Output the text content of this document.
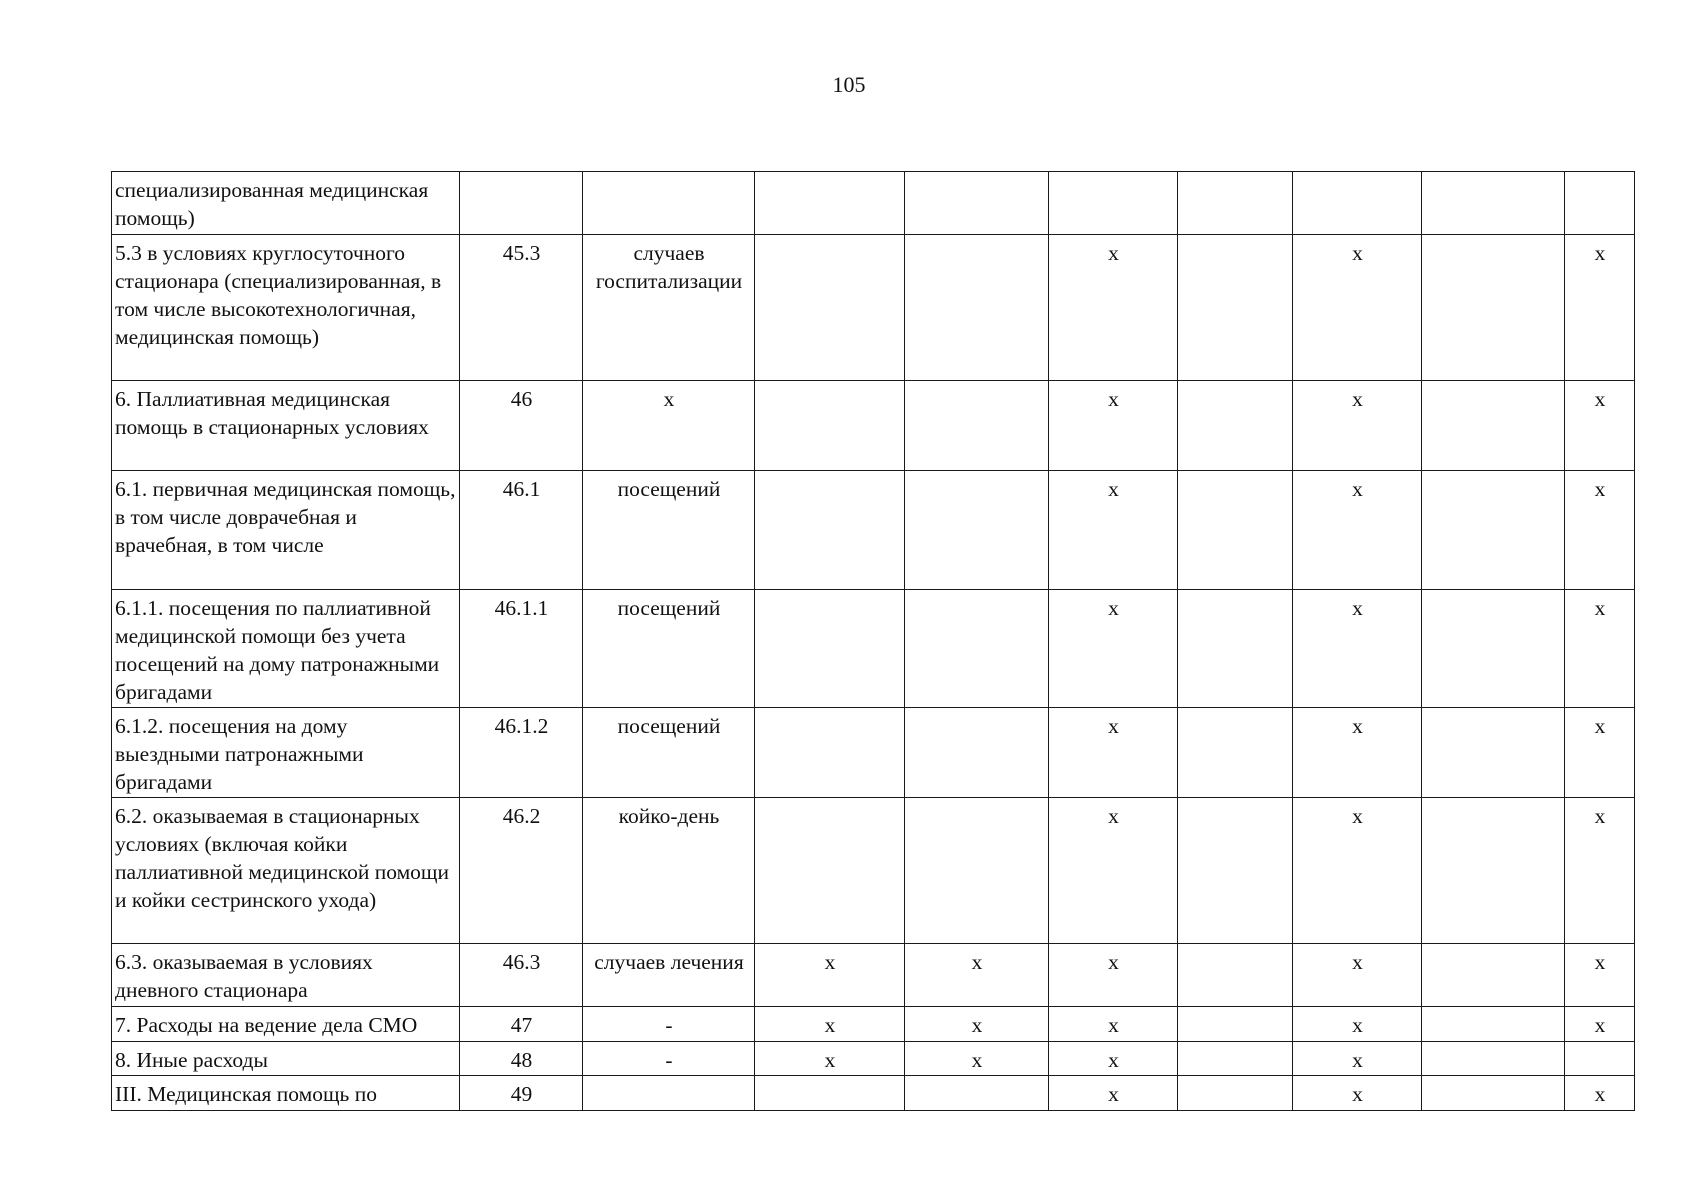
105
специализированная медицинская помощь)									
5.3 в условиях круглосуточного стационара (специализированная, в том числе высокотехнологичная, медицинская помощь)	45.3	случаев госпитализации			х		х		х
6. Паллиативная медицинская помощь в стационарных условиях	46	х			х		х		х
6.1. первичная медицинская помощь, в том числе доврачебная и врачебная, в том числе	46.1	посещений			х		х		х
6.1.1. посещения по паллиативной медицинской помощи без учета посещений на дому патронажными бригадами	46.1.1	посещений			х		х		х
6.1.2. посещения на дому выездными патронажными бригадами	46.1.2	посещений			х		х		х
6.2. оказываемая в стационарных условиях (включая койки паллиативной медицинской помощи и койки сестринского ухода)	46.2	койко-день			х		х		х
6.3. оказываемая в условиях дневного стационара	46.3	случаев лечения	х	х	х		х		х
7. Расходы на ведение дела СМО	47	-	х	х	х		х		х
8. Иные расходы	48	-	х	х	х		х		
III. Медицинская помощь по	49				х		х		х
